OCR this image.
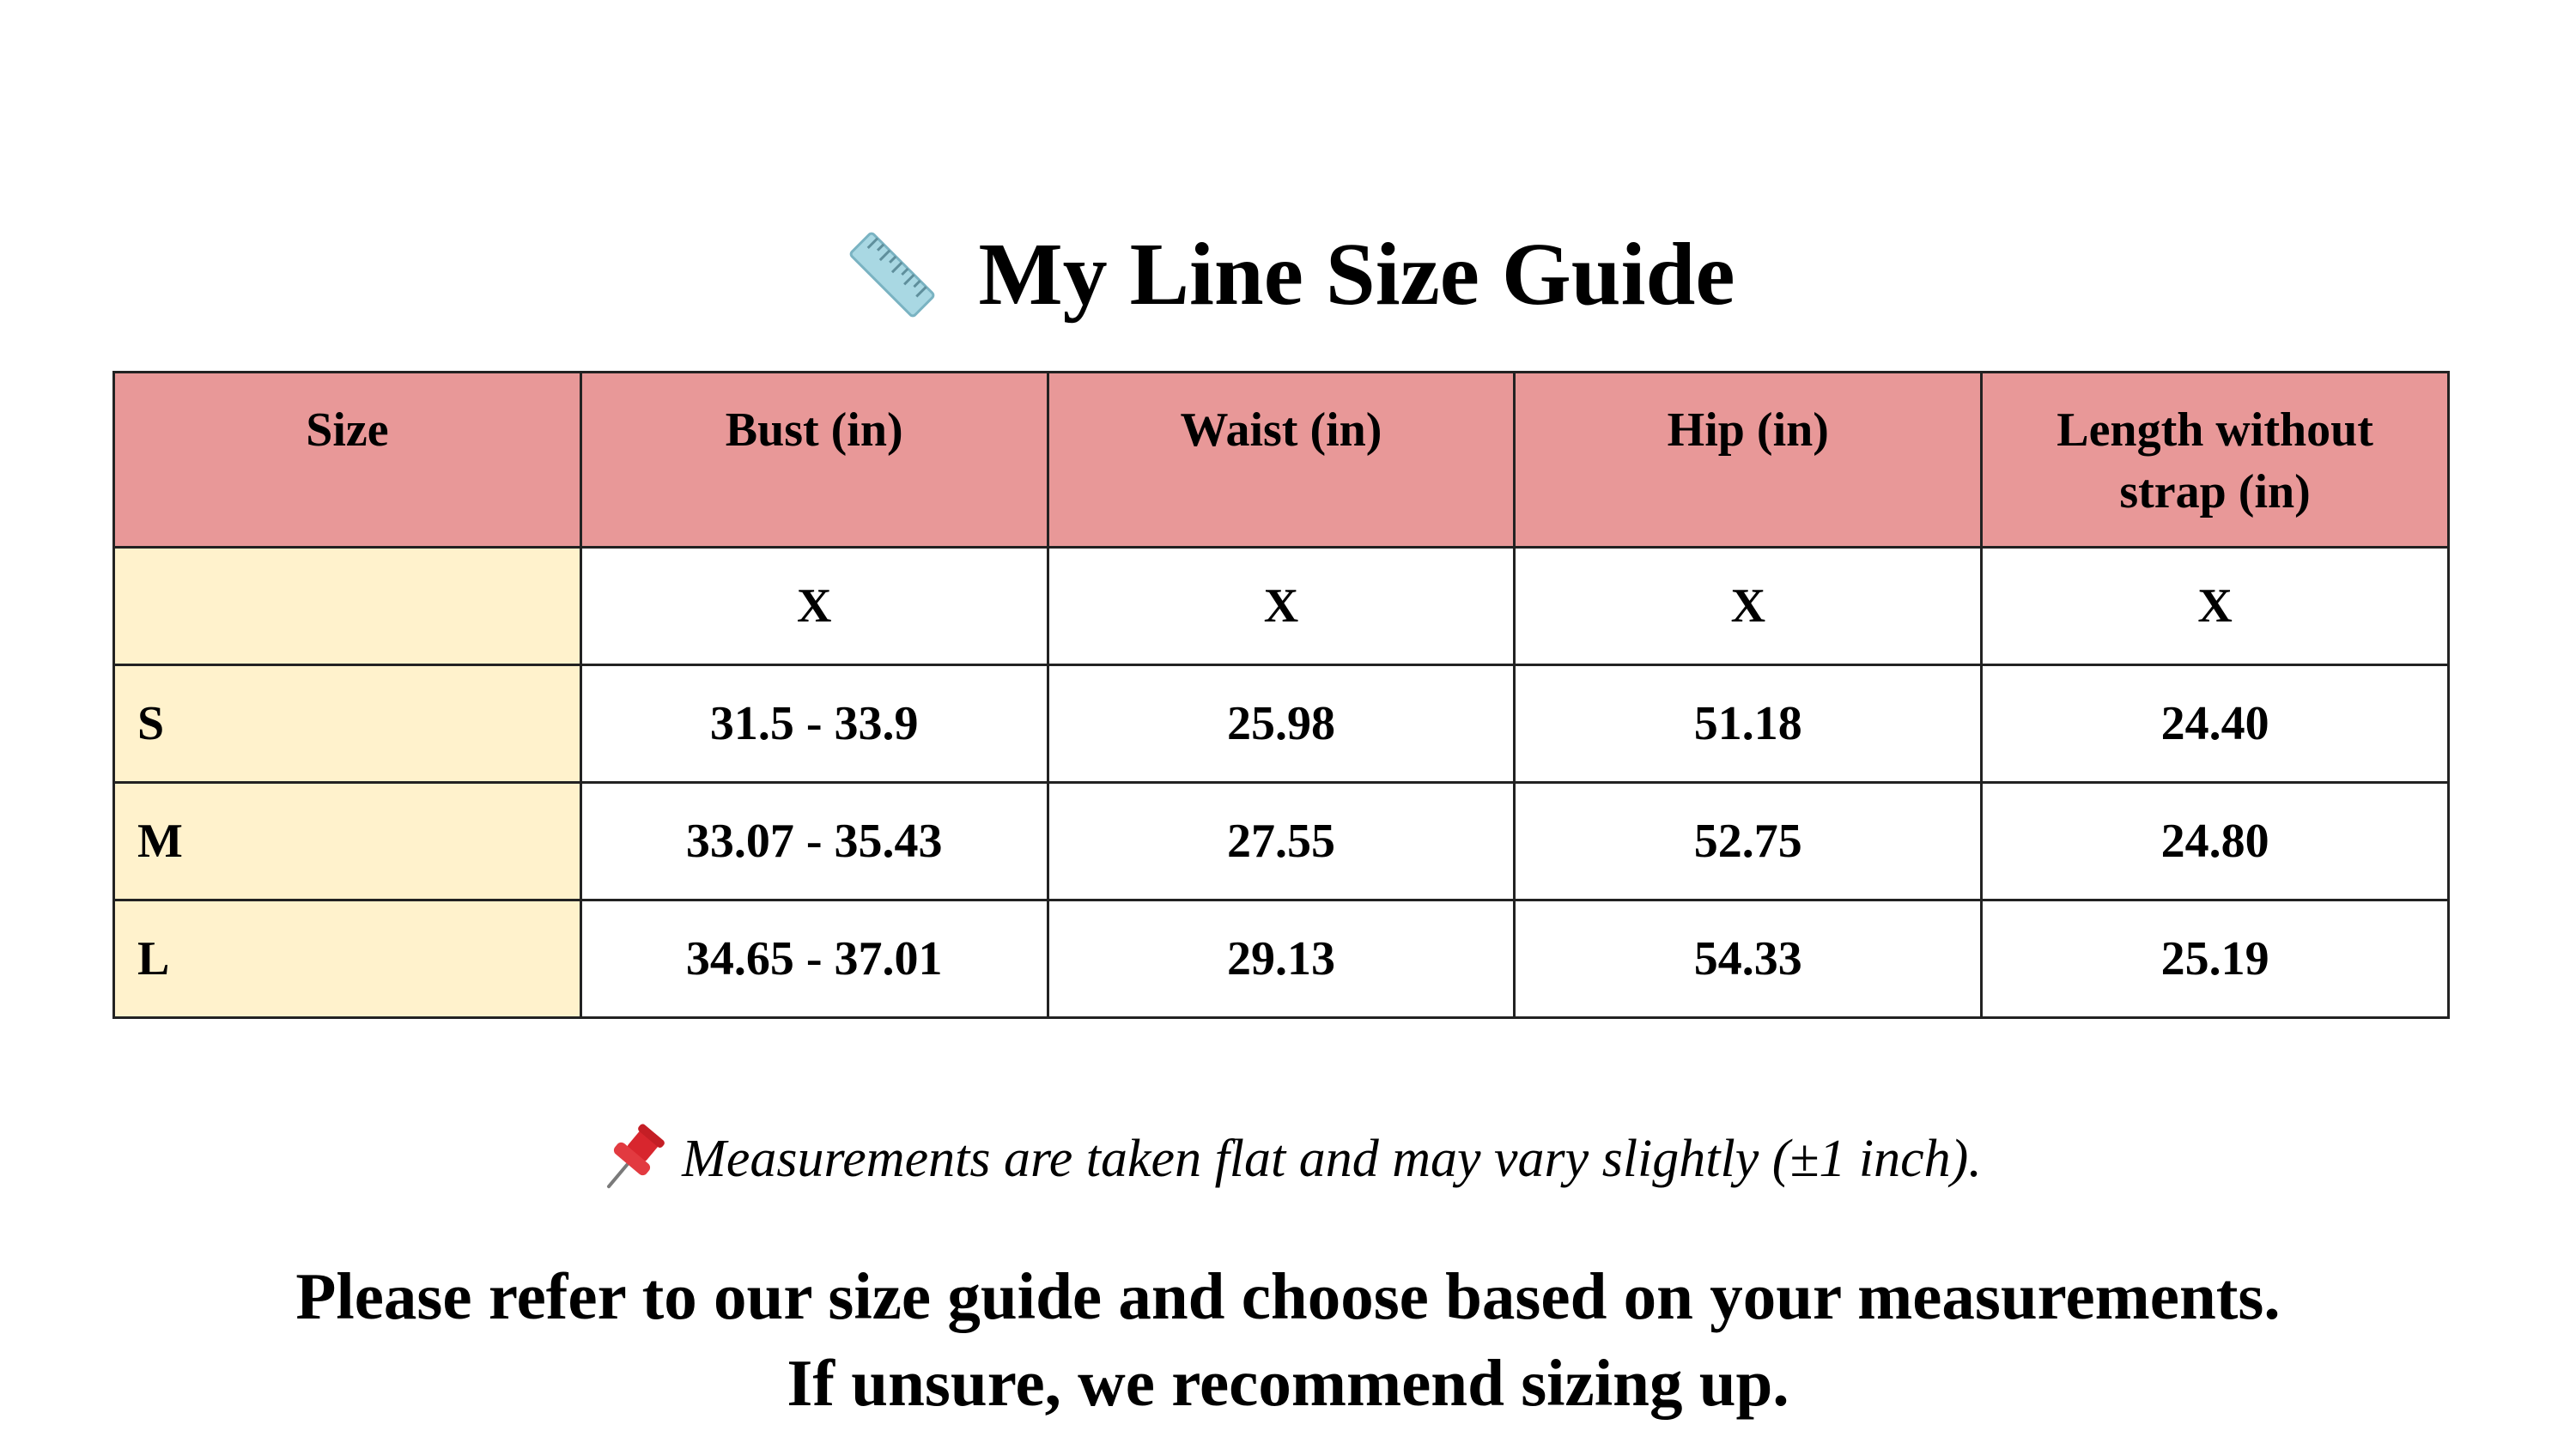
My Line Size Guide
Size	Bust (in)	Waist (in)	Hip (in)	Length without strap (in)
	X	X	X	X
S	31.5 - 33.9	25.98	51.18	24.40
M	33.07 - 35.43	27.55	52.75	24.80
L	34.65 - 37.01	29.13	54.33	25.19
Measurements are taken flat and may vary slightly (±1 inch).
Please refer to our size guide and choose based on your measurements.
If unsure, we recommend sizing up.
